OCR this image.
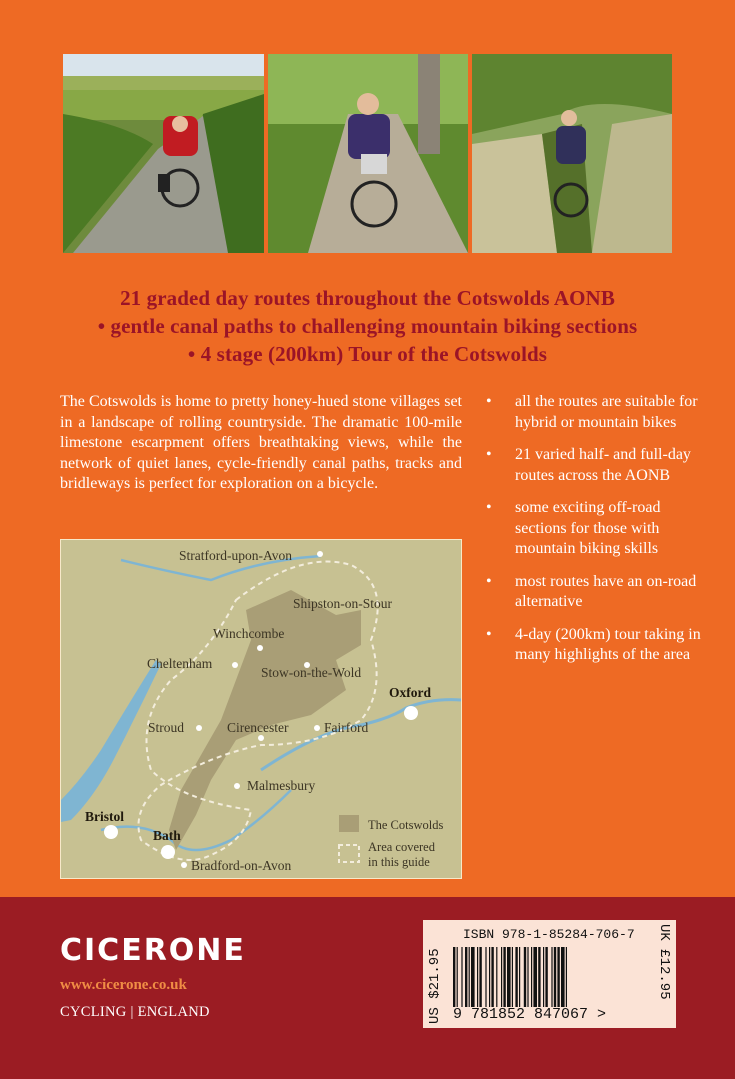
21 graded day routes throughout the Cotswolds AONB
• gentle canal paths to challenging mountain biking sections
• 4 stage (200km) Tour of the Cotswolds
The Cotswolds is home to pretty honey-hued stone villages set in a landscape of rolling countryside. The dramatic 100-mile limestone escarpment offers breathtaking views, while the network of quiet lanes, cycle-friendly canal paths, tracks and bridleways is perfect for exploration on a bicycle.
• all the routes are suitable for hybrid or mountain bikes
• 21 varied half- and full-day routes across the AONB
• some exciting off-road sections for those with mountain biking skills
• most routes have an on-road alternative
• 4-day (200km) tour taking in many highlights of the area
Stratford-upon-Avon
Shipston-on-Stour
Winchcombe
Cheltenham
Stow-on-the-Wold
Oxford
Stroud	Cirencester	Fairford
Malmesbury
Bristol
Bath
Bradford-on-Avon
The Cotswolds
Area covered
in this guide
CICERONE
www.cicerone.co.uk
CYCLING | ENGLAND	US $21.95
ISBN 978-1-85284-706-7
9 781852 847067 >
UK £12.95
